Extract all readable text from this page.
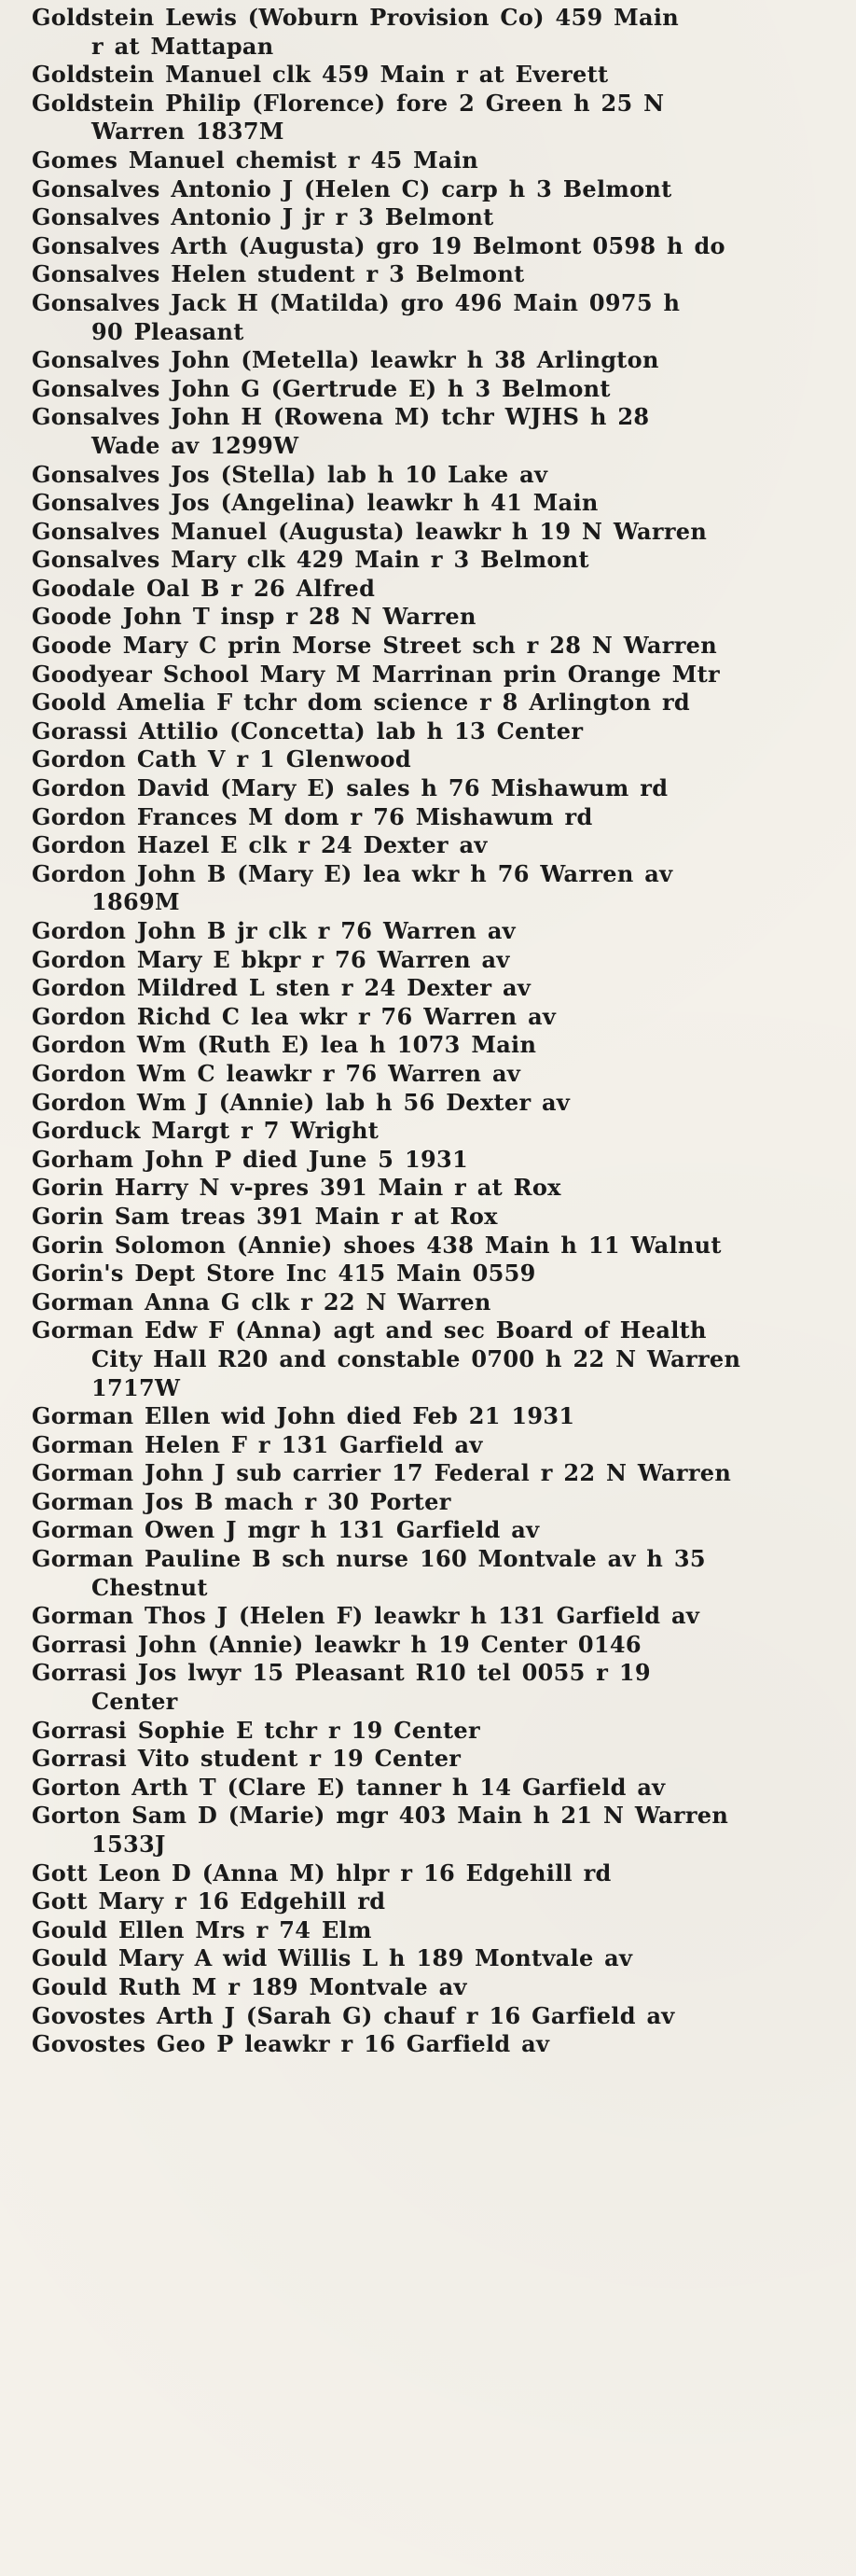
Goldstein Lewis (Woburn Provision Co) 459 Main
r at Mattapan

Goldstein Manuel clk 459 Main r at Everett

Goldstein Philip (Florence) fore 2 Green h 25 N
Warren 1837M

Gomes Manuel chemist r 45 Main

Gonsalves Antonio J (Helen C) carp h 3 Belmont

Gonsalves Antonio J jr r 3 Belmont

Gonsalves Arth (Augusta) gro 19 Belmont 0598 h do

Gonsalves Helen student r 3 Belmont

Gonsalves Jack H (Matilda) gro 496 Main 0975 h
90 Pleasant

Gonsalves John (Metella) leawkr h 38 Arlington

Gonsalves John G (Gertrude E) h 3 Belmont

Gonsalves John H (Rowena M) tchr WJHS h 28
Wade av 1299W

Gonsalves Jos (Stella) lab h 10 Lake av

Gonsalves Jos (Angelina) leawkr h 41 Main

Gonsalves Manuel (Augusta) leawkr h 19 N Warren

Gonsalves Mary clk 429 Main r 3 Belmont

Goodale Oal B r 26 Alfred

Goode John T insp r 28 N Warren

Goode Mary C prin Morse Street sch r 28 N Warren

Goodyear School Mary M Marrinan prin Orange Mtr

Goold Amelia F tchr dom science r 8 Arlington rd

Gorassi Attilio (Concetta) lab h 13 Center

Gordon Cath V r 1 Glenwood

Gordon David (Mary E) sales h 76 Mishawum rd

Gordon Frances M dom r 76 Mishawum rd

Gordon Hazel E clk r 24 Dexter av

Gordon John B (Mary E) lea wkr h 76 Warren av
1869M

Gordon John B jr clk r 76 Warren av

Gordon Mary E bkpr r 76 Warren av

Gordon Mildred L sten r 24 Dexter av

Gordon Richd C lea wkr r 76 Warren av

Gordon Wm (Ruth E) lea h 1073 Main

Gordon Wm C leawkr r 76 Warren av

Gordon Wm J (Annie) lab h 56 Dexter av

Gorduck Margt r 7 Wright

Gorham John P died June 5 1931

Gorin Harry N v-pres 391 Main r at Rox

Gorin Sam treas 391 Main r at Rox

Gorin Solomon (Annie) shoes 438 Main h 11 Walnut

Gorin's Dept Store Inc 415 Main 0559

Gorman Anna G clk r 22 N Warren

Gorman Edw F (Anna) agt and sec Board of Health
City Hall R20 and constable 0700 h 22 N Warren
1717W

Gorman Ellen wid John died Feb 21 1931

Gorman Helen F r 131 Garfield av

Gorman John J sub carrier 17 Federal r 22 N Warren

Gorman Jos B mach r 30 Porter

Gorman Owen J mgr h 131 Garfield av

Gorman Pauline B sch nurse 160 Montvale av h 35
Chestnut

Gorman Thos J (Helen F) leawkr h 131 Garfield av

Gorrasi John (Annie) leawkr h 19 Center 0146

Gorrasi Jos lwyr 15 Pleasant R10 tel 0055 r 19
Center

Gorrasi Sophie E tchr r 19 Center

Gorrasi Vito student r 19 Center

Gorton Arth T (Clare E) tanner h 14 Garfield av

Gorton Sam D (Marie) mgr 403 Main h 21 N Warren
1533J

Gott Leon D (Anna M) hlpr r 16 Edgehill rd

Gott Mary r 16 Edgehill rd

Gould Ellen Mrs r 74 Elm

Gould Mary A wid Willis L h 189 Montvale av

Gould Ruth M r 189 Montvale av

Govostes Arth J (Sarah G) chauf r 16 Garfield av

Govostes Geo P leawkr r 16 Garfield av
